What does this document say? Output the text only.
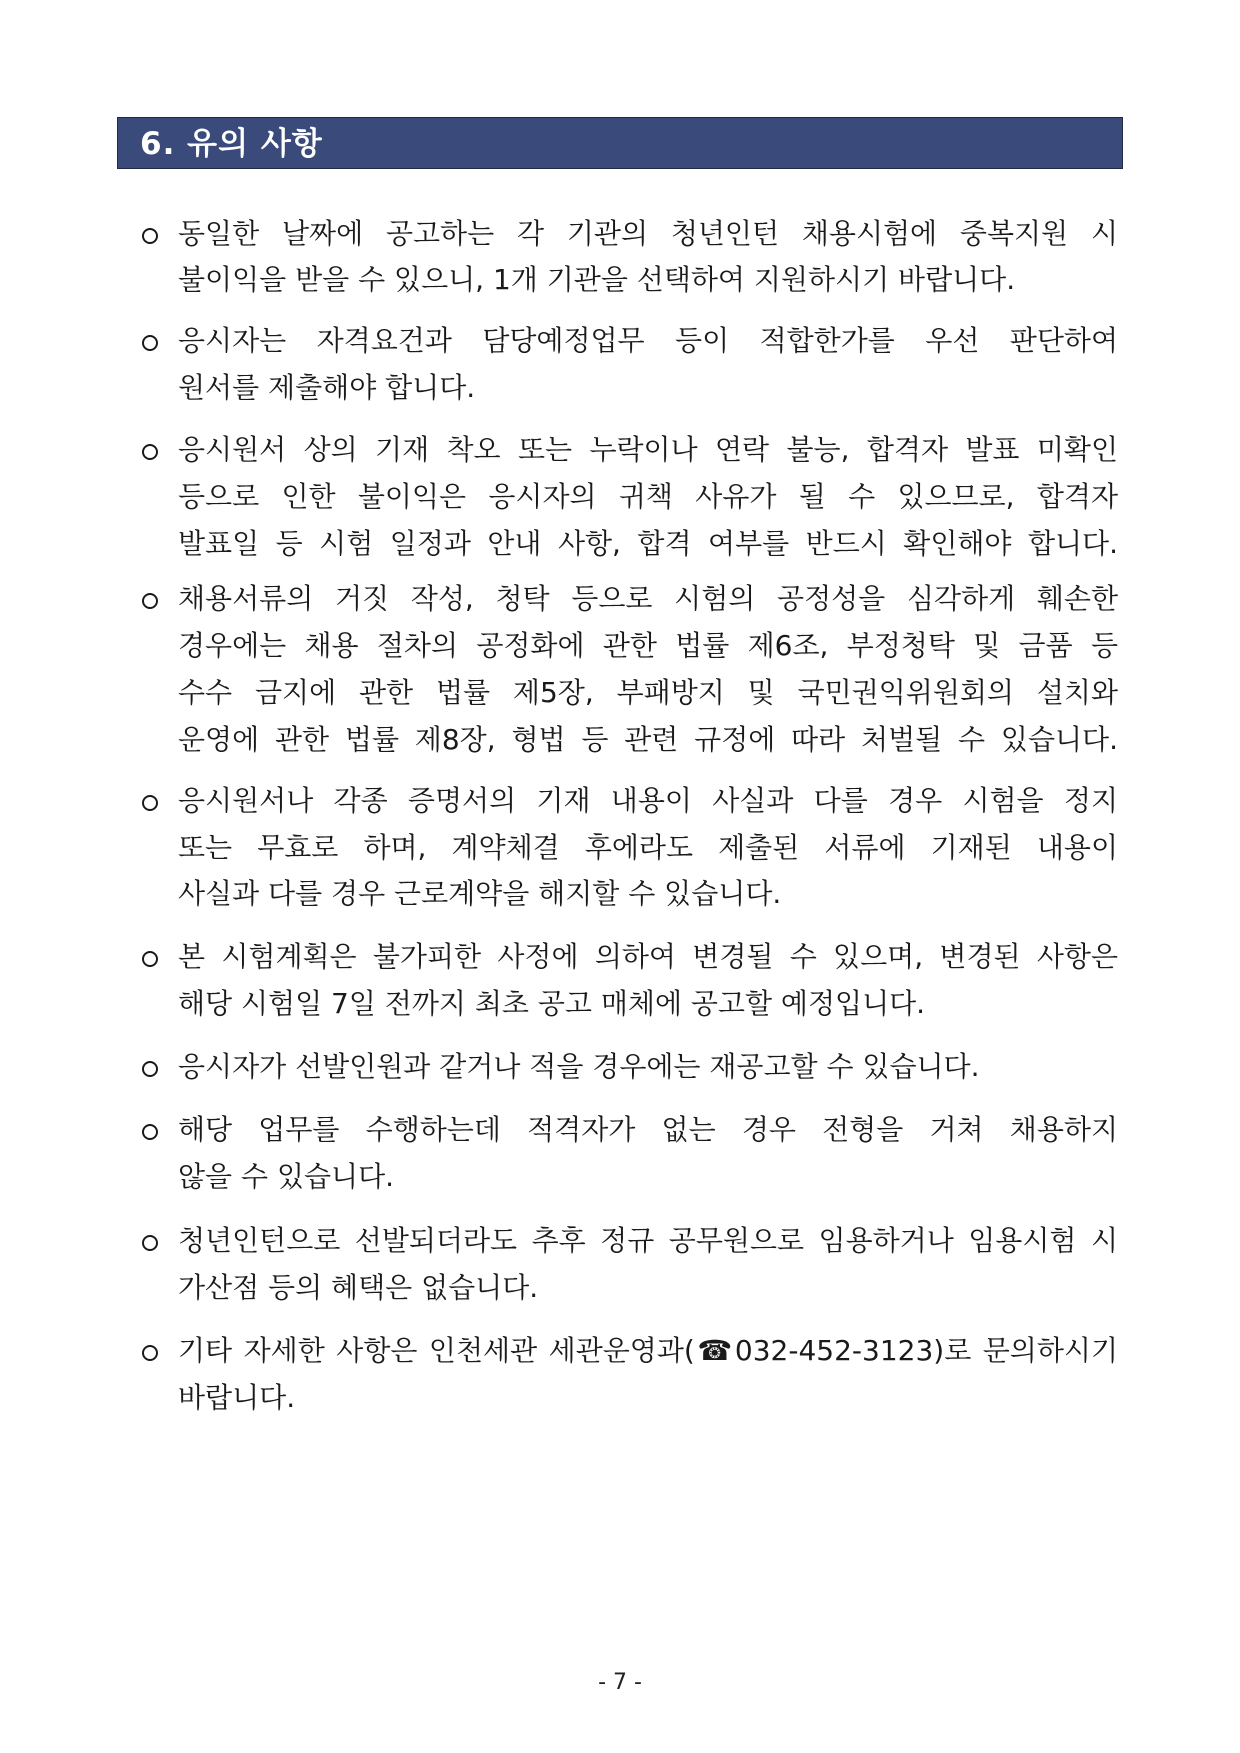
6. 유의 사항
동일한 날짜에 공고하는 각 기관의 청년인턴 채용시험에 중복지원 시
불이익을 받을 수 있으니, 1개 기관을 선택하여 지원하시기 바랍니다.
응시자는 자격요건과 담당예정업무 등이 적합한가를 우선 판단하여
원서를 제출해야 합니다.
응시원서 상의 기재 착오 또는 누락이나 연락 불능, 합격자 발표 미확인
등으로 인한 불이익은 응시자의 귀책 사유가 될 수 있으므로, 합격자
발표일 등 시험 일정과 안내 사항, 합격 여부를 반드시 확인해야 합니다.
채용서류의 거짓 작성, 청탁 등으로 시험의 공정성을 심각하게 훼손한
경우에는 채용 절차의 공정화에 관한 법률 제6조, 부정청탁 및 금품 등
수수 금지에 관한 법률 제5장, 부패방지 및 국민권익위원회의 설치와
운영에 관한 법률 제8장, 형법 등 관련 규정에 따라 처벌될 수 있습니다.
응시원서나 각종 증명서의 기재 내용이 사실과 다를 경우 시험을 정지
또는 무효로 하며, 계약체결 후에라도 제출된 서류에 기재된 내용이
사실과 다를 경우 근로계약을 해지할 수 있습니다.
본 시험계획은 불가피한 사정에 의하여 변경될 수 있으며, 변경된 사항은
해당 시험일 7일 전까지 최초 공고 매체에 공고할 예정입니다.
응시자가 선발인원과 같거나 적을 경우에는 재공고할 수 있습니다.
해당 업무를 수행하는데 적격자가 없는 경우 전형을 거쳐 채용하지
않을 수 있습니다.
청년인턴으로 선발되더라도 추후 정규 공무원으로 임용하거나 임용시험 시
가산점 등의 혜택은 없습니다.
기타 자세한 사항은 인천세관 세관운영과(☎032-452-3123)로 문의하시기
바랍니다.
- 7 -
